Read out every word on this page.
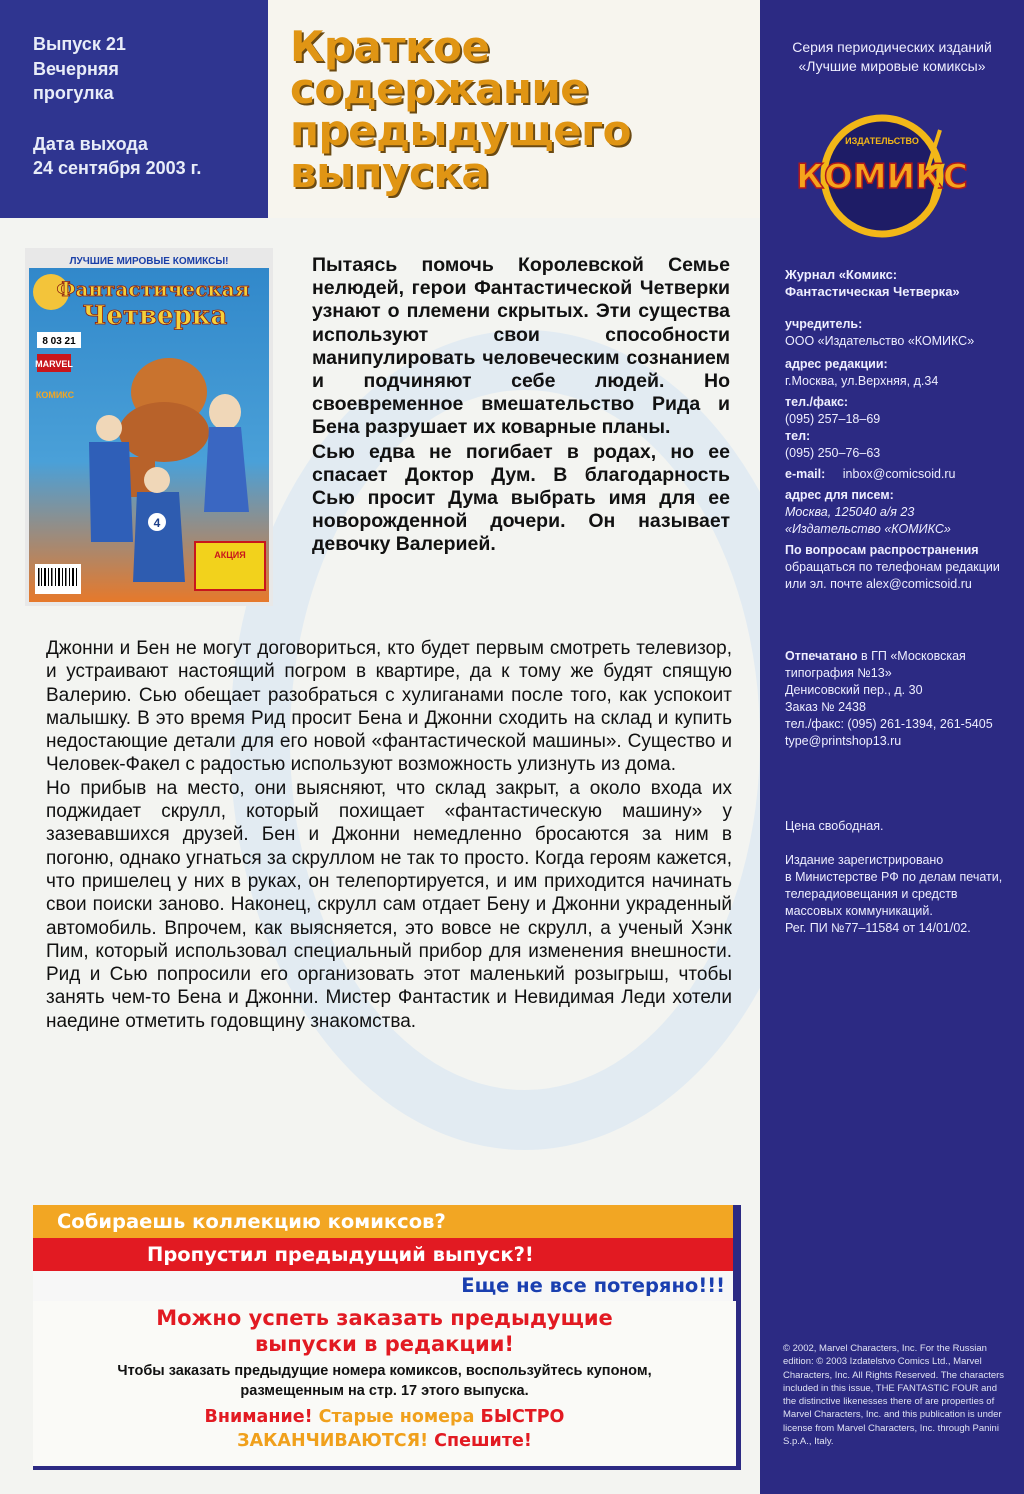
Выпуск 21
Вечерняя
прогулка
Дата выхода
24 сентября 2003 г.
Краткое
содержание
предыдущего
выпуска
ЛУЧШИЕ МИРОВЫЕ КОМИКСЫ!
Фантастическая
Четверка
8 03 21
MARVEL
КОМИКС
4
АКЦИЯ
Пытаясь помочь Королевской Семье нелюдей, герои Фантастической Четверки узнают о племени скрытых. Эти существа используют свои способности манипулировать человеческим сознанием и подчиняют себе людей. Но своевременное вмешательство Рида и Бена разрушает их коварные планы.
Сью едва не погибает в родах, но ее спасает Доктор Дум. В благодарность Сью просит Дума выбрать имя для ее новорожденной дочери. Он называет девочку Валерией.
Джонни и Бен не могут договориться, кто будет первым смотреть телевизор, и устраивают настоящий погром в квартире, да к тому же будят спящую Валерию. Сью обещает разобраться с хулиганами после того, как успокоит малышку. В это время Рид просит Бена и Джонни сходить на склад и купить недостающие детали для его новой «фантастической машины». Существо и Человек-Факел с радостью используют возможность улизнуть из дома.
Но прибыв на место, они выясняют, что склад закрыт, а около входа их поджидает скрулл, который похищает «фантастическую машину» у зазевавшихся друзей. Бен и Джонни немедленно бросаются за ним в погоню, однако угнаться за скруллом не так то просто. Когда героям кажется, что пришелец у них в руках, он телепортируется, и им приходится начинать свои поиски заново. Наконец, скрулл сам отдает Бену и Джонни украденный автомобиль. Впрочем, как выясняется, это вовсе не скрулл, а ученый Хэнк Пим, который использовал специальный прибор для изменения внешности. Рид и Сью попросили его организовать этот маленький розыгрыш, чтобы занять чем-то Бена и Джонни. Мистер Фантастик и Невидимая Леди хотели наедине отметить годовщину знакомства.
Собираешь коллекцию комиксов?
Пропустил предыдущий выпуск?!
Еще не все потеряно!!!
Можно успеть заказать предыдущие
выпуски в редакции!
Чтобы заказать предыдущие номера комиксов, воспользуйтесь купоном,
размещенным на стр. 17 этого выпуска.
Внимание! Старые номера БЫСТРО
ЗАКАНЧИВАЮТСЯ! Спешите!
Серия периодических изданий
«Лучшие мировые комиксы»
ИЗДАТЕЛЬСТВО
КОМИКС
Журнал «Комикс:
Фантастическая Четверка»
учредитель:
ООО «Издательство «КОМИКС»
адрес редакции:
г.Москва, ул.Верхняя, д.34
тел./факс:
(095) 257–18–69
тел:
(095) 250–76–63
e-mail: inbox@comicsoid.ru
адрес для писем:
Москва, 125040 а/я 23
«Издательство «КОМИКС»
По вопросам распространения
обращаться по телефонам редакции
или эл. почте alex@comicsoid.ru
Отпечатано в ГП «Московская
типография №13»
Денисовский пер., д. 30
Заказ № 2438
тел./факс: (095) 261-1394, 261-5405
type@printshop13.ru
Цена свободная.
Издание зарегистрировано
в Министерстве РФ по делам печати,
телерадиовещания и средств
массовых коммуникаций.
Рег. ПИ №77–11584 от 14/01/02.
© 2002, Marvel Characters, Inc. For the Russian edition: © 2003 Izdatelstvo Comics Ltd., Marvel Characters, Inc. All Rights Reserved. The characters included in this issue, THE FANTASTIC FOUR and the distinctive likenesses there of are properties of Marvel Characters, Inc. and this publication is under license from Marvel Characters, Inc. through Panini S.p.A., Italy.
